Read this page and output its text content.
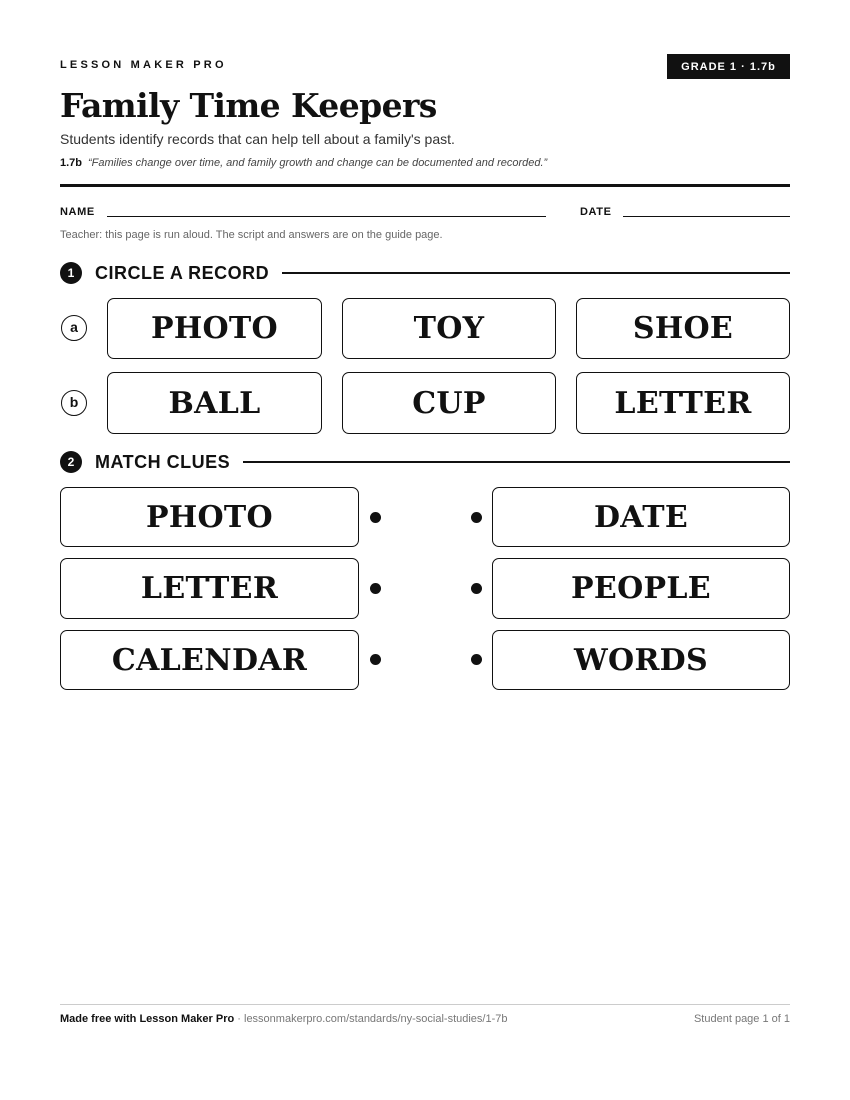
LESSON MAKER PRO	GRADE 1 · 1.7b
Family Time Keepers
Students identify records that can help tell about a family's past.
1.7b “Families change over time, and family growth and change can be documented and recorded.”
NAME	DATE
Teacher: this page is run aloud. The script and answers are on the guide page.
1	CIRCLE A RECORD
a	PHOTO	TOY	SHOE
b	BALL	CUP	LETTER
2	MATCH CLUES
PHOTO	DATE
LETTER	PEOPLE
CALENDAR	WORDS
Made free with Lesson Maker Pro · lessonmakerpro.com/standards/ny-social-studies/1-7b	Student page 1 of 1
